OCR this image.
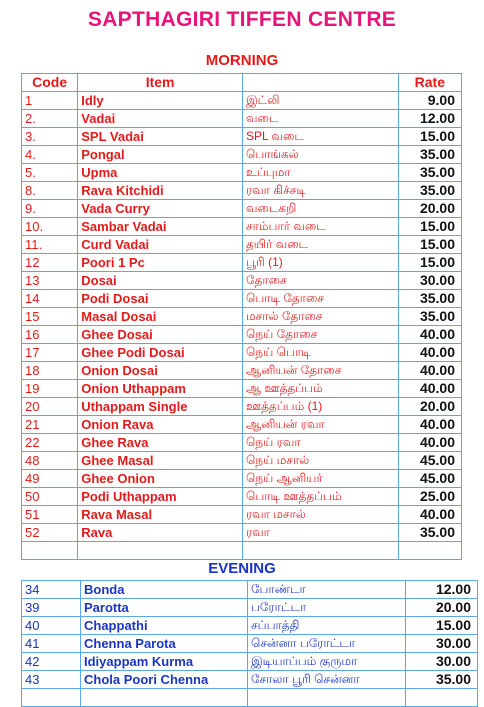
SAPTHAGIRI TIFFEN CENTRE
MORNING
Code	Item		Rate
1	Idly	இட்லி	9.00
2.	Vadai	வடை	12.00
3.	SPL Vadai	SPL வடை	15.00
4.	Pongal	பொங்கல்	35.00
5.	Upma	உப்புமா	35.00
8.	Rava Kitchidi	ரவா கிச்சடி	35.00
9.	Vada Curry	வடைகறி	20.00
10.	Sambar Vadai	சாம்பார் வடை	15.00
11.	Curd Vadai	தயிர் வடை	15.00
12	Poori 1 Pc	பூரி (1)	15.00
13	Dosai	தோசை	30.00
14	Podi Dosai	பொடி தோசை	35.00
15	Masal Dosai	மசால் தோசை	35.00
16	Ghee Dosai	நெய் தோசை	40.00
17	Ghee Podi Dosai	நெய் பொடி	40.00
18	Onion Dosai	ஆனியன் தோசை	40.00
19	Onion Uthappam	ஆ ஊத்தப்பம்	40.00
20	Uthappam Single	ஊத்தப்பம் (1)	20.00
21	Onion Rava	ஆனியன் ரவா	40.00
22	Ghee Rava	நெய் ரவா	40.00
48	Ghee Masal	நெய் மசால்	45.00
49	Ghee Onion	நெய் ஆனியர்	45.00
50	Podi Uthappam	பொடி ஊத்தப்பம்	25.00
51	Rava Masal	ரவா மசால்	40.00
52	Rava	ரவா	35.00

EVENING
34	Bonda	போண்டா	12.00
39	Parotta	பரோட்டா	20.00
40	Chappathi	சப்பாத்தி	15.00
41	Chenna Parota	சென்னா பரோட்டா	30.00
42	Idiyappam Kurma	இடியாப்பம் குருமா	30.00
43	Chola Poori Chenna	சோலா பூரி சென்னா	35.00
